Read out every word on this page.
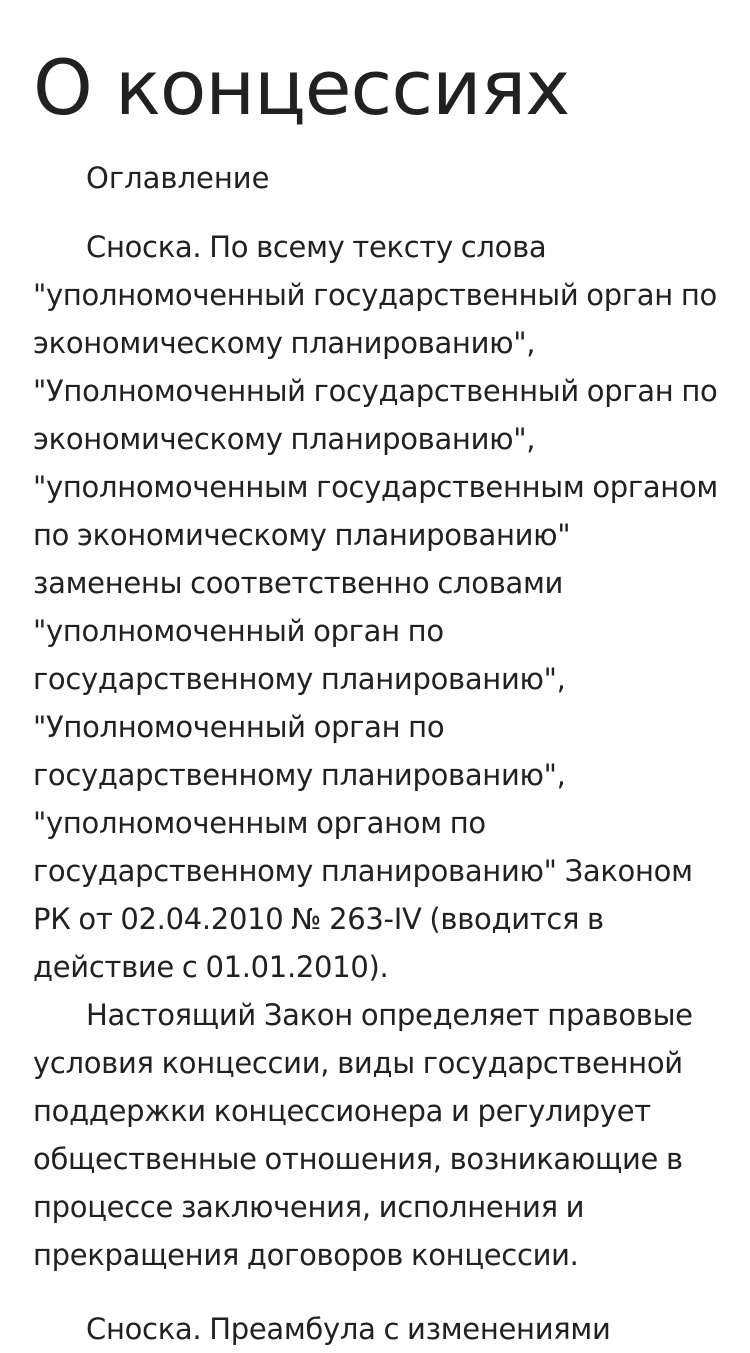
О концессиях
Оглавление

Сноска. По всему тексту слова "уполномоченный государственный орган по экономическому планированию", "Уполномоченный государственный орган по экономическому планированию", "уполномоченным государственным органом по экономическому планированию" заменены соответственно словами "уполномоченный орган по государственному планированию", "Уполномоченный орган по государственному планированию", "уполномоченным органом по государственному планированию" Законом РК от 02.04.2010 № 263-IV (вводится в действие с 01.01.2010).

Настоящий Закон определяет правовые условия концессии, виды государственной поддержки концессионера и регулирует общественные отношения, возникающие в процессе заключения, исполнения и прекращения договоров концессии.

Сноска. Преамбула с изменениями
